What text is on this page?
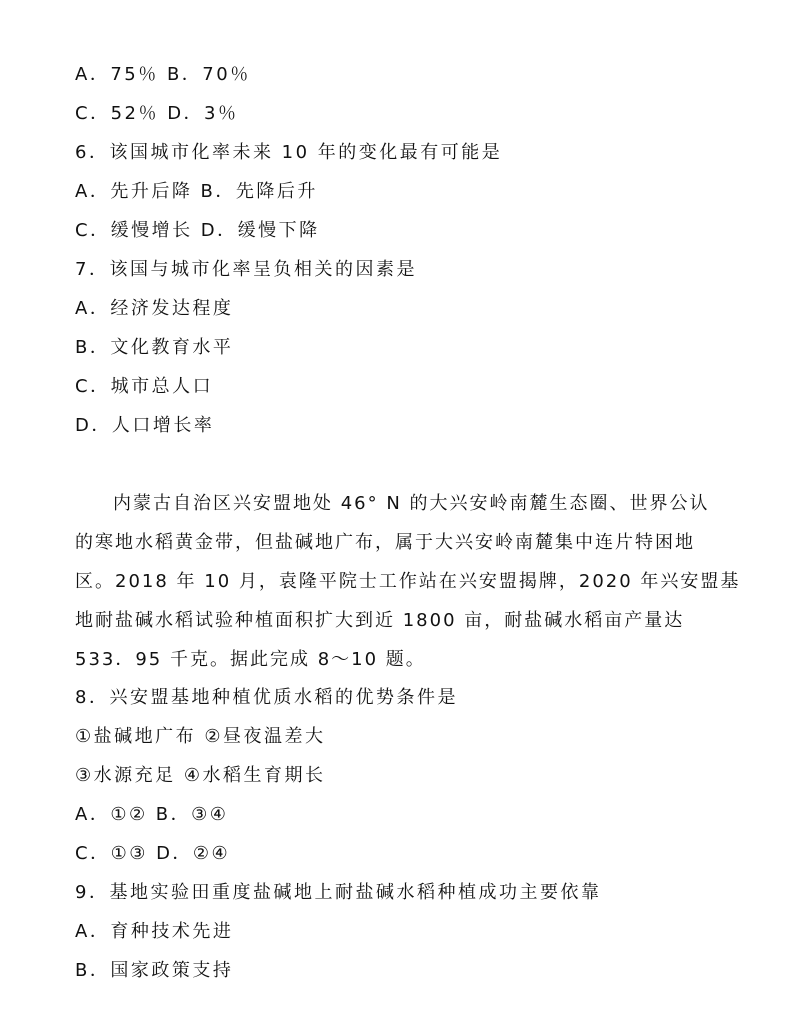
A．75％ B．70％
C．52％ D．3％
6．该国城市化率未来 10 年的变化最有可能是
A．先升后降 B．先降后升
C．缓慢增长 D．缓慢下降
7．该国与城市化率呈负相关的因素是
A．经济发达程度
B．文化教育水平
C．城市总人口
D．人口增长率
内蒙古自治区兴安盟地处 46° N 的大兴安岭南麓生态圈、世界公认
的寒地水稻黄金带，但盐碱地广布，属于大兴安岭南麓集中连片特困地
区。2018 年 10 月，袁隆平院士工作站在兴安盟揭牌，2020 年兴安盟基
地耐盐碱水稻试验种植面积扩大到近 1800 亩，耐盐碱水稻亩产量达
533．95 千克。据此完成 8～10 题。
8．兴安盟基地种植优质水稻的优势条件是
①盐碱地广布 ②昼夜温差大
③水源充足 ④水稻生育期长
A．①② B．③④
C．①③ D．②④
9．基地实验田重度盐碱地上耐盐碱水稻种植成功主要依靠
A．育种技术先进
B．国家政策支持
